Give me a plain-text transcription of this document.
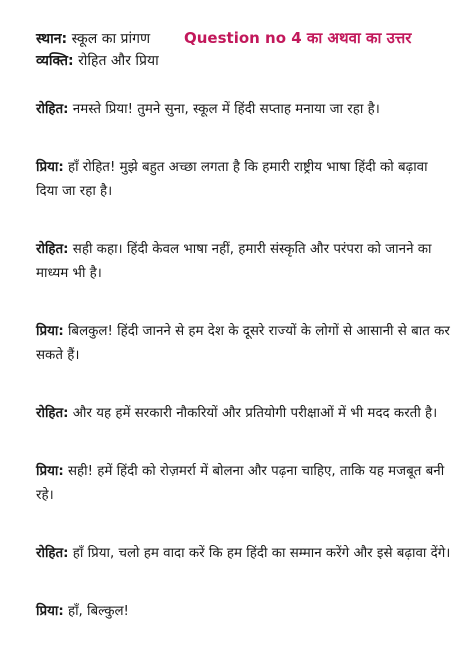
स्थान: स्कूल का प्रांगण
व्यक्ति: रोहित और प्रिया
Question no 4 का अथवा का उत्तर
रोहित: नमस्ते प्रिया! तुमने सुना, स्कूल में हिंदी सप्ताह मनाया जा रहा है।
प्रिया: हाँ रोहित! मुझे बहुत अच्छा लगता है कि हमारी राष्ट्रीय भाषा हिंदी को बढ़ावा दिया जा रहा है।
रोहित: सही कहा। हिंदी केवल भाषा नहीं, हमारी संस्कृति और परंपरा को जानने का माध्यम भी है।
प्रिया: बिलकुल! हिंदी जानने से हम देश के दूसरे राज्यों के लोगों से आसानी से बात कर सकते हैं।
रोहित: और यह हमें सरकारी नौकरियों और प्रतियोगी परीक्षाओं में भी मदद करती है।
प्रिया: सही! हमें हिंदी को रोज़मर्रा में बोलना और पढ़ना चाहिए, ताकि यह मजबूत बनी रहे।
रोहित: हाँ प्रिया, चलो हम वादा करें कि हम हिंदी का सम्मान करेंगे और इसे बढ़ावा देंगे।
प्रिया: हाँ, बिल्कुल!
